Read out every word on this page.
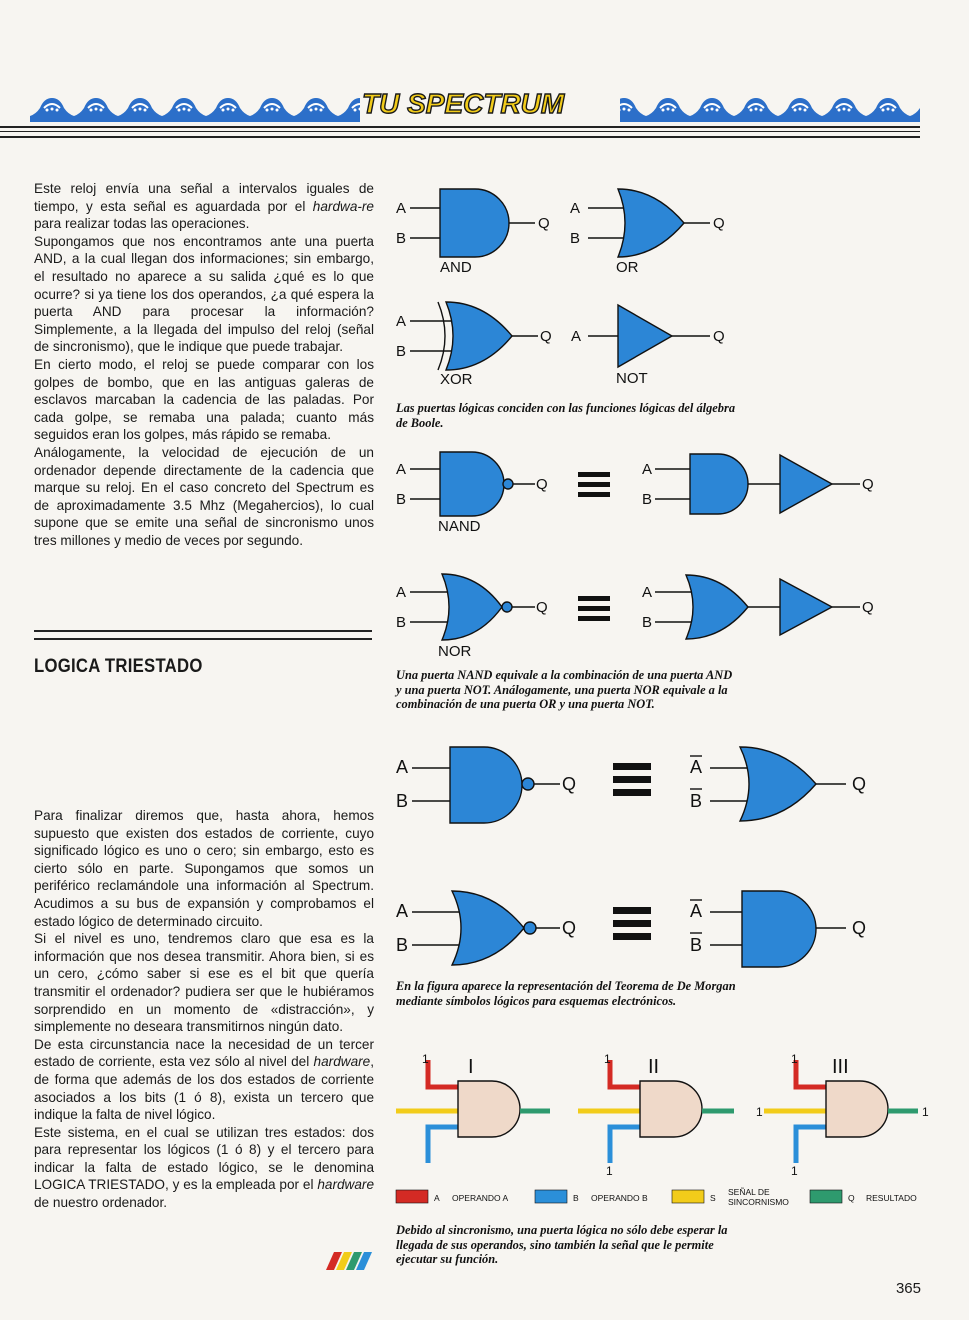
TU SPECTRUM

Este reloj envía una señal a intervalos iguales de tiempo, y esta señal es aguardada por el hardwa-re para realizar todas las operaciones.

Supongamos que nos encontramos ante una puerta AND, a la cual llegan dos informaciones; sin embargo, el resultado no aparece a su salida ¿qué es lo que ocurre? si ya tiene los dos operandos, ¿a qué espera la puerta AND para procesar la información? Simplemente, a la llegada del impulso del reloj (señal de sincronismo), que le indique que puede trabajar.

En cierto modo, el reloj se puede comparar con los golpes de bombo, que en las antiguas galeras de esclavos marcaban la cadencia de las paladas. Por cada golpe, se remaba una palada; cuanto más seguidos eran los golpes, más rápido se remaba.

Análogamente, la velocidad de ejecución de un ordenador depende directamente de la cadencia que marque su reloj. En el caso concreto del Spectrum es de aproximadamente 3.5 Mhz (Megahercios), lo cual supone que se emite una señal de sincronismo unos tres millones y medio de veces por segundo.

LOGICA TRIESTADO

Para finalizar diremos que, hasta ahora, hemos supuesto que existen dos estados de corriente, cuyo significado lógico es uno o cero; sin embargo, esto es cierto sólo en parte. Supongamos que somos un periférico reclamándole una información al Spectrum. Acudimos a su bus de expansión y comprobamos el estado lógico de determinado circuito.

Si el nivel es uno, tendremos claro que esa es la información que nos desea transmitir. Ahora bien, si es un cero, ¿cómo saber si ese es el bit que quería transmitir el ordenador? pudiera ser que le hubiéramos sorprendido en un momento de «distracción», y simplemente no deseara transmitirnos ningún dato.

De esta circunstancia nace la necesidad de un tercer estado de corriente, esta vez sólo al nivel del hardware, de forma que además de los dos estados de corriente asociados a los bits (1 ó 8), exista un tercero que indique la falta de nivel lógico.

Este sistema, en el cual se utilizan tres estados: dos para representar los lógicos (1 ó 8) y el tercero para indicar la falta de estado lógico, se le denomina LOGICA TRIESTADO, y es la empleada por el hardware de nuestro ordenador.

A
B
Q
AND
A
B
Q
OR
A
B
Q
XOR
A	Q
NOT
A
B
Q
NAND
A
B
Q
A
B
Q
NOR
A
B
Q
A
B
Q
A
B
Q
A
B
Q
A
B
Q
I	II	III
1	1
1
1
1
1
1
A OPERANDO A	B OPERANDO B	S
SEÑAL DE
SINCORNISMO	Q RESULTADO
Las puertas lógicas conciden con las funciones lógicas del álgebra de Boole.
Una puerta NAND equivale a la combinación de una puerta AND y una puerta NOT. Análogamente, una puerta NOR equivale a la combinación de una puerta OR y una puerta NOT.
En la figura aparece la representación del Teorema de De Morgan mediante símbolos lógicos para esquemas electrónicos.
Debido al sincronismo, una puerta lógica no sólo debe esperar la llegada de sus operandos, sino también la señal que le permite ejecutar su función.
365
